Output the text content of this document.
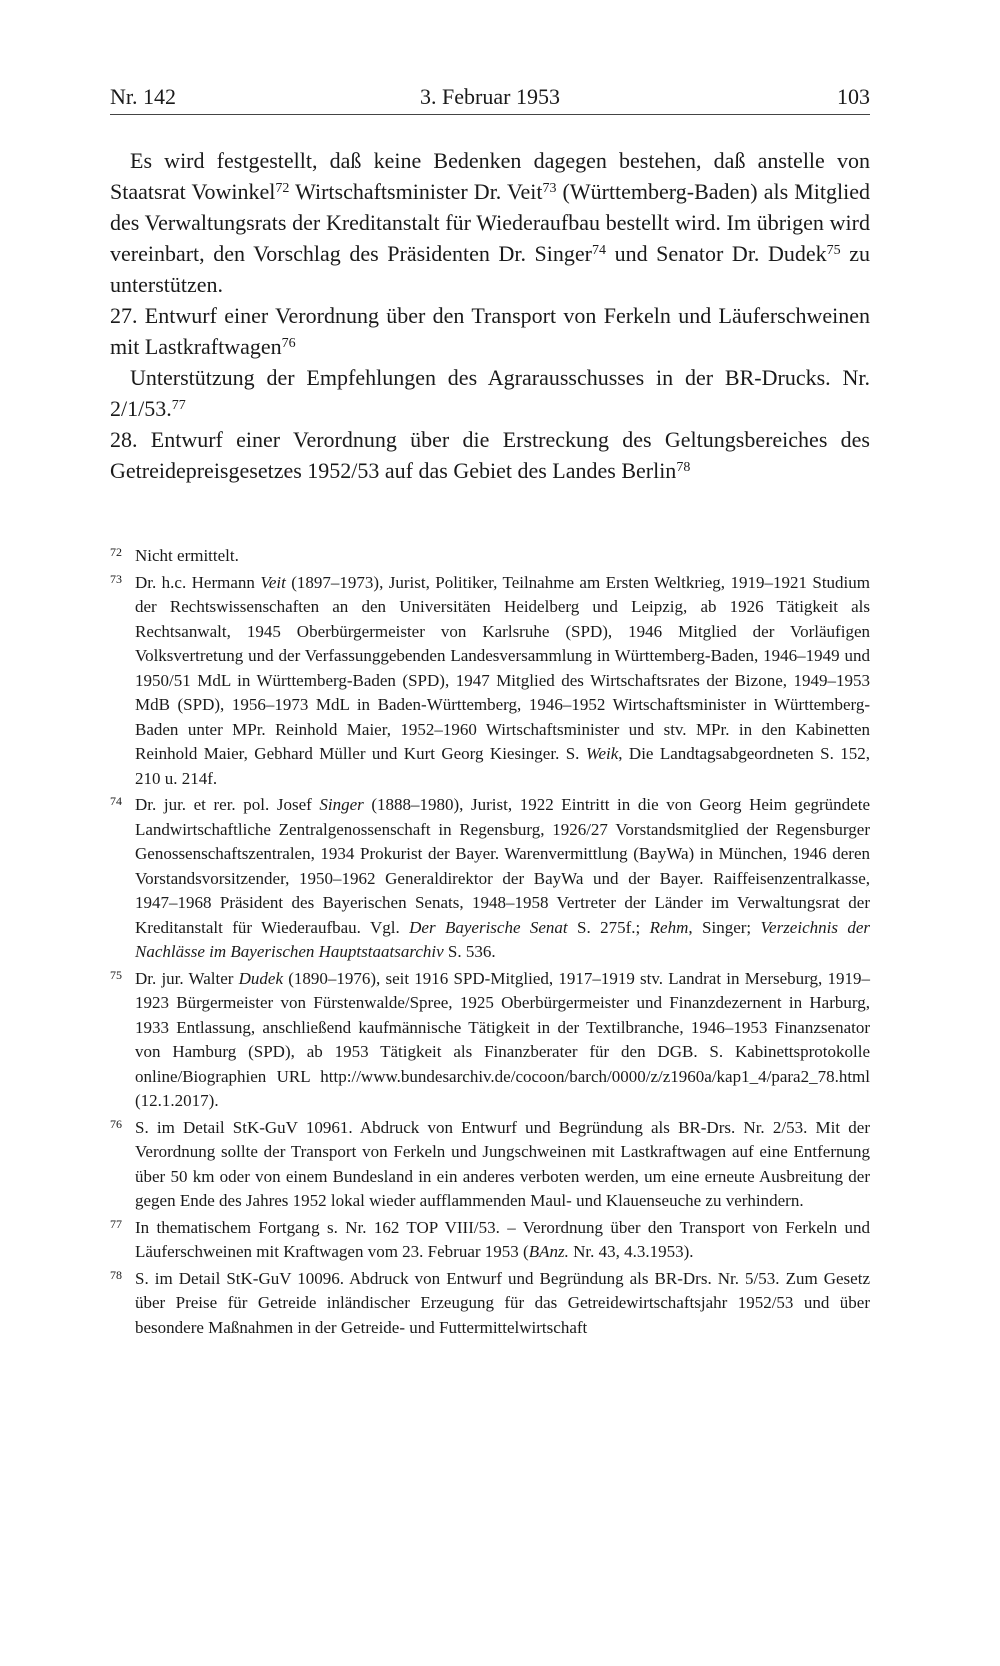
Nr. 142	3. Februar 1953	103

Es wird festgestellt, daß keine Bedenken dagegen bestehen, daß anstelle von Staatsrat Vowinkel$^{72}$ Wirtschaftsminister Dr. Veit$^{73}$ (Württemberg-Baden) als Mitglied des Verwaltungsrats der Kreditanstalt für Wiederaufbau bestellt wird. Im übrigen wird vereinbart, den Vorschlag des Präsidenten Dr. Singer$^{74}$ und Senator Dr. Dudek$^{75}$ zu unterstützen.

27. Entwurf einer Verordnung über den Transport von Ferkeln und Läuferschweinen mit Lastkraftwagen$^{76}$

Unterstützung der Empfehlungen des Agrarausschusses in der BR-Drucks. Nr. 2/1/53.77

28. Entwurf einer Verordnung über die Erstreckung des Geltungsbereiches des Getreidepreisgesetzes 1952/53 auf das Gebiet des Landes Berlin$^{78}$

72 Nicht ermittelt.

73 Dr. h.c. Hermann Veit (1897–1973), Jurist, Politiker, Teilnahme am Ersten Weltkrieg, 1919–1921 Studium der Rechtswissenschaften an den Universitäten Heidelberg und Leipzig, ab 1926 Tätigkeit als Rechtsanwalt, 1945 Oberbürgermeister von Karlsruhe (SPD), 1946 Mitglied der Vorläufigen Volksvertretung und der Verfassunggebenden Landesversammlung in Württemberg-Baden, 1946–1949 und 1950/51 MdL in Württemberg-Baden (SPD), 1947 Mitglied des Wirtschaftsrates der Bizone, 1949–1953 MdB (SPD), 1956–1973 MdL in Baden-Württemberg, 1946–1952 Wirtschaftsminister in Württemberg-Baden unter MPr. Reinhold Maier, 1952–1960 Wirtschaftsminister und stv. MPr. in den Kabinetten Reinhold Maier, Gebhard Müller und Kurt Georg Kiesinger. S. Weik, Die Landtagsabgeordneten S. 152, 210 u. 214f.

74 Dr. jur. et rer. pol. Josef Singer (1888–1980), Jurist, 1922 Eintritt in die von Georg Heim gegründete Landwirtschaftliche Zentralgenossenschaft in Regensburg, 1926/27 Vorstandsmitglied der Regensburger Genossenschaftszentralen, 1934 Prokurist der Bayer. Warenvermittlung (BayWa) in München, 1946 deren Vorstandsvorsitzender, 1950–1962 Generaldirektor der BayWa und der Bayer. Raiffeisenzentralkasse, 1947–1968 Präsident des Bayerischen Senats, 1948–1958 Vertreter der Länder im Verwaltungsrat der Kreditanstalt für Wiederaufbau. Vgl. Der Bayerische Senat S. 275f.; Rehm, Singer; Verzeichnis der Nachlässe im Bayerischen Hauptstaatsarchiv S. 536.

75 Dr. jur. Walter Dudek (1890–1976), seit 1916 SPD-Mitglied, 1917–1919 stv. Landrat in Merseburg, 1919–1923 Bürgermeister von Fürstenwalde/Spree, 1925 Oberbürgermeister und Finanzdezernent in Harburg, 1933 Entlassung, anschließend kaufmännische Tätigkeit in der Textilbranche, 1946–1953 Finanzsenator von Hamburg (SPD), ab 1953 Tätigkeit als Finanzberater für den DGB. S. Kabinettsprotokolle online/Biographien URL http://www.bundesarchiv.de/cocoon/barch/0000/z/z1960a/kap1_4/para2_78.html (12.1.2017).

76 S. im Detail StK-GuV 10961. Abdruck von Entwurf und Begründung als BR-Drs. Nr. 2/53. Mit der Verordnung sollte der Transport von Ferkeln und Jungschweinen mit Lastkraftwagen auf eine Entfernung über 50 km oder von einem Bundesland in ein anderes verboten werden, um eine erneute Ausbreitung der gegen Ende des Jahres 1952 lokal wieder aufflammenden Maul- und Klauenseuche zu verhindern.

77 In thematischem Fortgang s. Nr. 162 TOP VIII/53. – Verordnung über den Transport von Ferkeln und Läuferschweinen mit Kraftwagen vom 23. Februar 1953 (BAnz. Nr. 43, 4.3.1953).

78 S. im Detail StK-GuV 10096. Abdruck von Entwurf und Begründung als BR-Drs. Nr. 5/53. Zum Gesetz über Preise für Getreide inländischer Erzeugung für das Getreidewirtschaftsjahr 1952/53 und über besondere Maßnahmen in der Getreide- und Futtermittelwirtschaft
